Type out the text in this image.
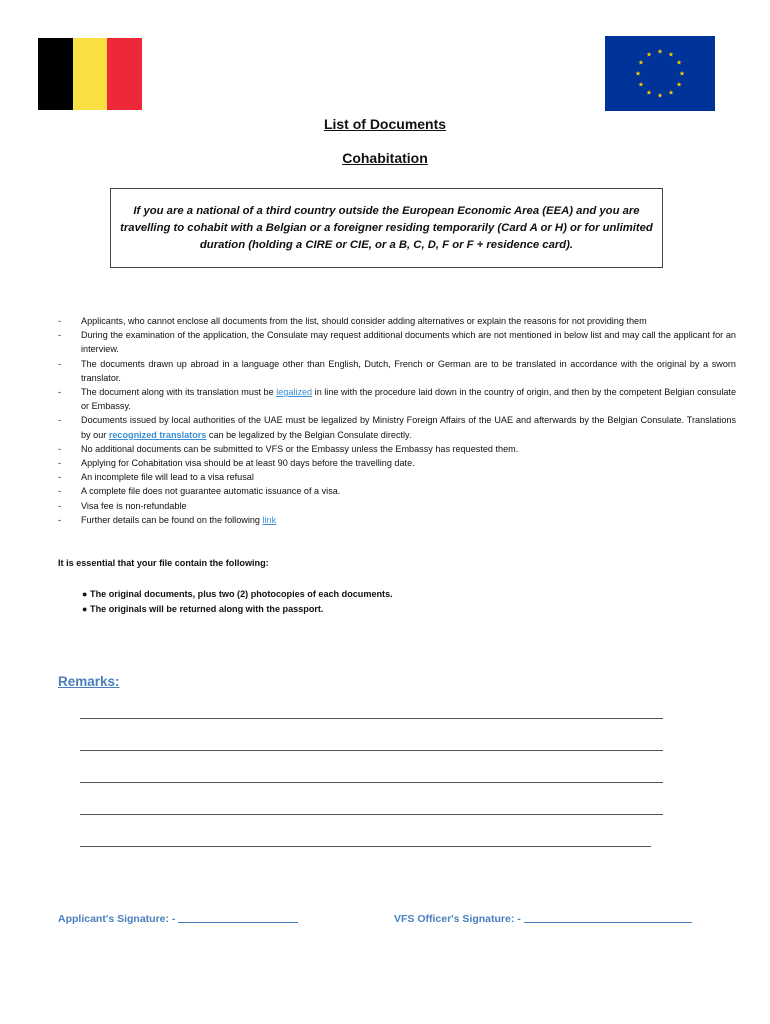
List of Documents
Cohabitation
If you are a national of a third country outside the European Economic Area (EEA) and you are travelling to cohabit with a Belgian or a foreigner residing temporarily (Card A or H) or for unlimited duration (holding a CIRE or CIE, or a B, C, D, F or F + residence card).
- Applicants, who cannot enclose all documents from the list, should consider adding alternatives or explain the reasons for not providing them
- During the examination of the application, the Consulate may request additional documents which are not mentioned in below list and may call the applicant for an interview.
- The documents drawn up abroad in a language other than English, Dutch, French or German are to be translated in accordance with the original by a sworn translator.
- The document along with its translation must be legalized in line with the procedure laid down in the country of origin, and then by the competent Belgian consulate or Embassy.
- Documents issued by local authorities of the UAE must be legalized by Ministry Foreign Affairs of the UAE and afterwards by the Belgian Consulate. Translations by our recognized translators can be legalized by the Belgian Consulate directly.
- No additional documents can be submitted to VFS or the Embassy unless the Embassy has requested them.
- Applying for Cohabitation visa should be at least 90 days before the travelling date.
- An incomplete file will lead to a visa refusal
- A complete file does not guarantee automatic issuance of a visa.
- Visa fee is non-refundable
- Further details can be found on the following link
It is essential that your file contain the following:
● The original documents, plus two (2) photocopies of each documents.
● The originals will be returned along with the passport.
Remarks:
Applicant's Signature: -	VFS Officer's Signature: -
